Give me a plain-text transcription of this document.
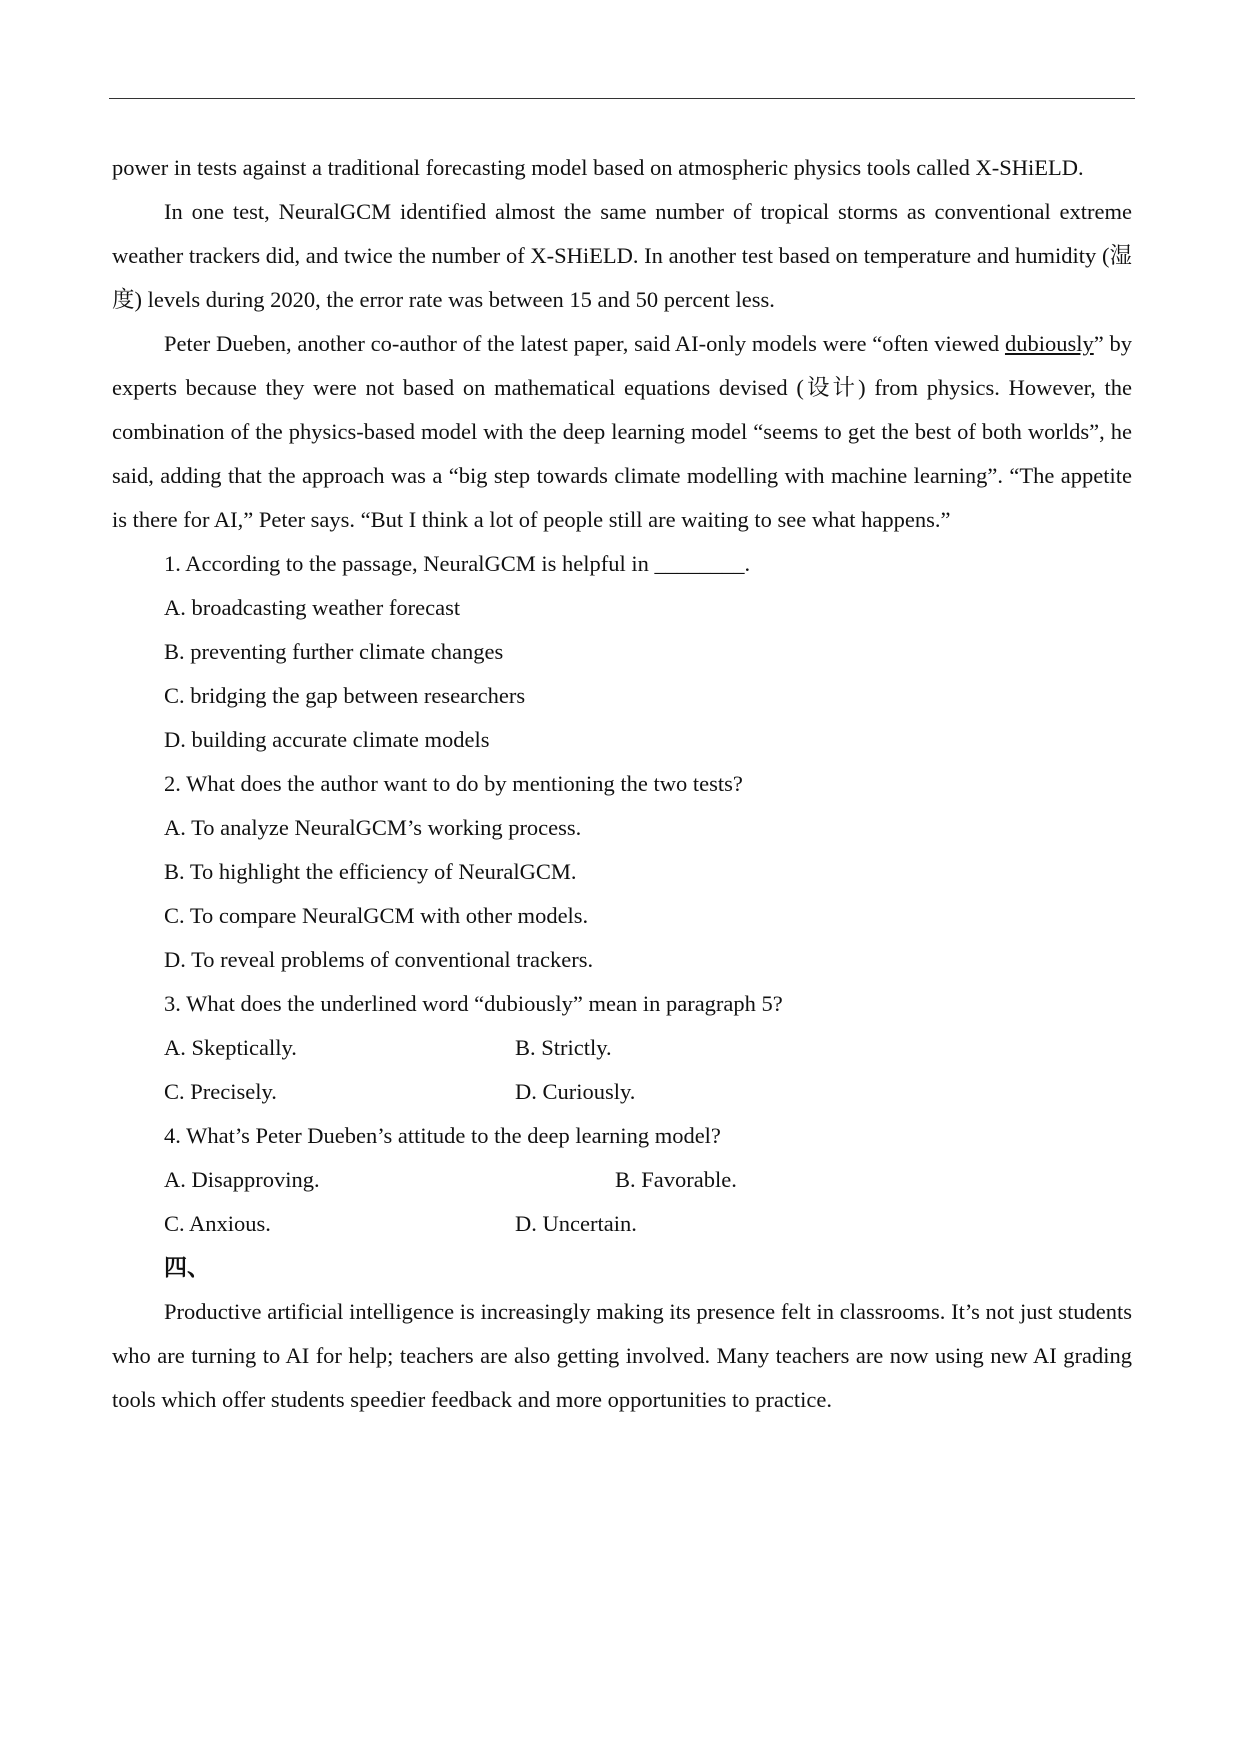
power in tests against a traditional forecasting model based on atmospheric physics tools called X-SHiELD.

In one test, NeuralGCM identified almost the same number of tropical storms as conventional extreme weather trackers did, and twice the number of X-SHiELD. In another test based on temperature and humidity (湿度) levels during 2020, the error rate was between 15 and 50 percent less.

Peter Dueben, another co-author of the latest paper, said AI-only models were “often viewed dubiously” by experts because they were not based on mathematical equations devised (设计) from physics. However, the combination of the physics-based model with the deep learning model “seems to get the best of both worlds”, he said, adding that the approach was a “big step towards climate modelling with machine learning”. “The appetite is there for AI,” Peter says. “But I think a lot of people still are waiting to see what happens.”

1. According to the passage, NeuralGCM is helpful in ________.

A. broadcasting weather forecast

B. preventing further climate changes

C. bridging the gap between researchers

D. building accurate climate models

2. What does the author want to do by mentioning the two tests?

A. To analyze NeuralGCM’s working process.

B. To highlight the efficiency of NeuralGCM.

C. To compare NeuralGCM with other models.

D. To reveal problems of conventional trackers.

3. What does the underlined word “dubiously” mean in paragraph 5?

A. Skeptically.	B. Strictly.
C. Precisely.	D. Curiously.

4. What’s Peter Dueben’s attitude to the deep learning model?

A. Disapproving.	B. Favorable.
C. Anxious.	D. Uncertain.

四、

Productive artificial intelligence is increasingly making its presence felt in classrooms. It’s not just students who are turning to AI for help; teachers are also getting involved. Many teachers are now using new AI grading tools which offer students speedier feedback and more opportunities to practice.
